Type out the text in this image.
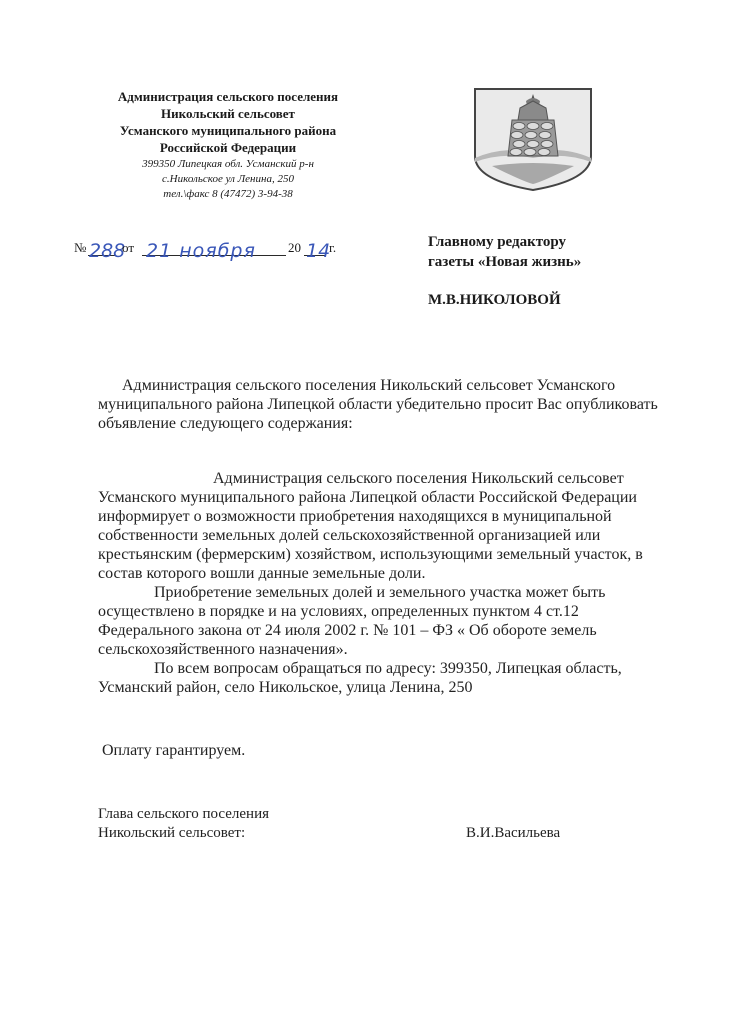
Администрация сельского поселения
Никольский сельсовет
Усманского муниципального района
Российской Федерации
399350 Липецкая обл. Усманский р-н
с.Никольское ул Ленина, 250
тел.\факс 8 (47472) 3-94-38
№ 288
от 21 ноября 20 14
г.	Главному редактору
газеты «Новая жизнь»
М.В.НИКОЛОВОЙ

Администрация сельского поселения Никольский сельсовет Усманского муниципального района Липецкой области убедительно просит Вас опубликовать объявление следующего содержания:

Администрация сельского поселения Никольский сельсовет Усманского муниципального района Липецкой области Российской Федерации информирует о возможности приобретения находящихся в муниципальной собственности земельных долей сельскохозяйственной организацией или крестьянским (фермерским) хозяйством, использующими земельный участок, в состав которого вошли данные земельные доли.

Приобретение земельных долей и земельного участка может быть осуществлено в порядке и на условиях, определенных пунктом 4 ст.12 Федерального закона от 24 июля 2002 г. № 101 – ФЗ « Об обороте земель сельскохозяйственного назначения».

По всем вопросам обращаться по адресу: 399350, Липецкая область, Усманский район, село Никольское, улица Ленина, 250

Оплату гарантируем.
Глава сельского поселения
Никольский сельсовет:	В.И.Васильева
